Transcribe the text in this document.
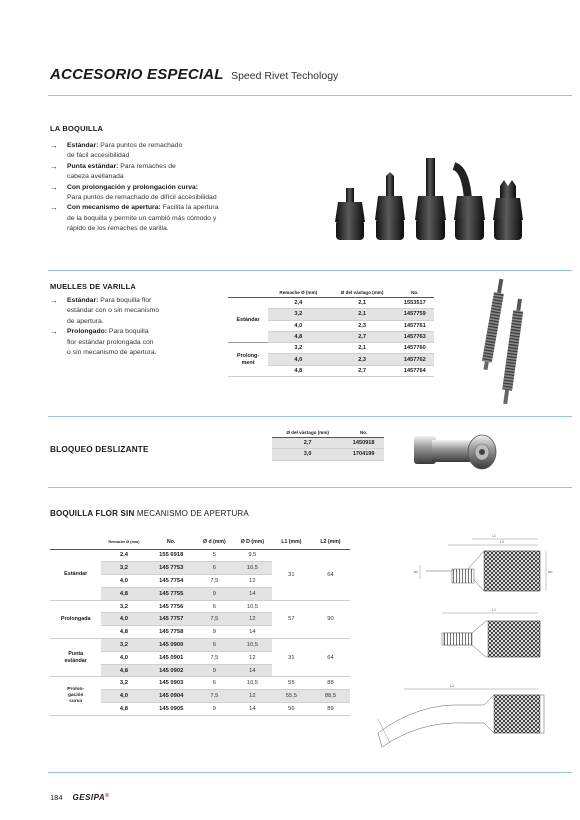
ACCESORIO ESPECIAL Speed Rivet Techology
LA BOQUILLA
→ Estándar: Para puntos de remachado
de fácil accesibilidad
→ Punta estándar: Para remaches de
cabeza avellanada
→ Con prolongación y prolongación curva:
Para puntos de remachado de difícil accesibilidad
→ Con mecanismo de apertura: Facilita la apertura
de la boquilla y permite un cambió más cómodo y
rápido de los remaches de varilla.
MUELLES DE VARILLA
→ Estándar: Para boquilla flor
estándar con o sin mecanismo
de apertura.
→ Prolongado: Para boquilla
flor estándar prolongada con
o sin mecanismo de apertura.
	Remache Ø (mm)	Ø del vástago (mm)	No.
Estándar	2,4	2,1	1553517
	3,2	2,1	1457759
	4,0	2,3	1457761
	4,8	2,7	1457763
Prolong-
ment	3,2	2,1	1457760
	4,0	2,3	1457762
	4,8	2,7	1457764
BLOQUEO DESLIZANTE
Ø del vástago (mm)	No.
2,7	1450918
3,0	1704199
BOQUILLA FLOR SIN MECANISMO DE APERTURA
	Remache Ø (mm)	No.	Ø d (mm)	Ø D (mm)	L1 (mm)	L2 (mm)
Estándar	2,4	155 6918	5	9,5	31	64
	3,2	145 7753	6	10,5		
	4,0	145 7754	7,5	12		
	4,8	145 7755	9	14		
Prolongada	3,2	145 7756	6	10,5	57	90
	4,0	145 7757	7,5	12		
	4,8	145 7758	9	14		
Punta
estándar	3,2	145 0900	6	10,5	31	64
	4,0	145 0901	7,5	12		
	4,8	145 0902	9	14		
Prolon-
gación
curva	3,2	145 0903	6	10,5	55	88
	4,0	145 0904	7,5	12	55,5	88,5
	4,8	145 0905	9	14	56	89
L2
L1
Ød	ØD
L1
L2
184 GESIPA®
